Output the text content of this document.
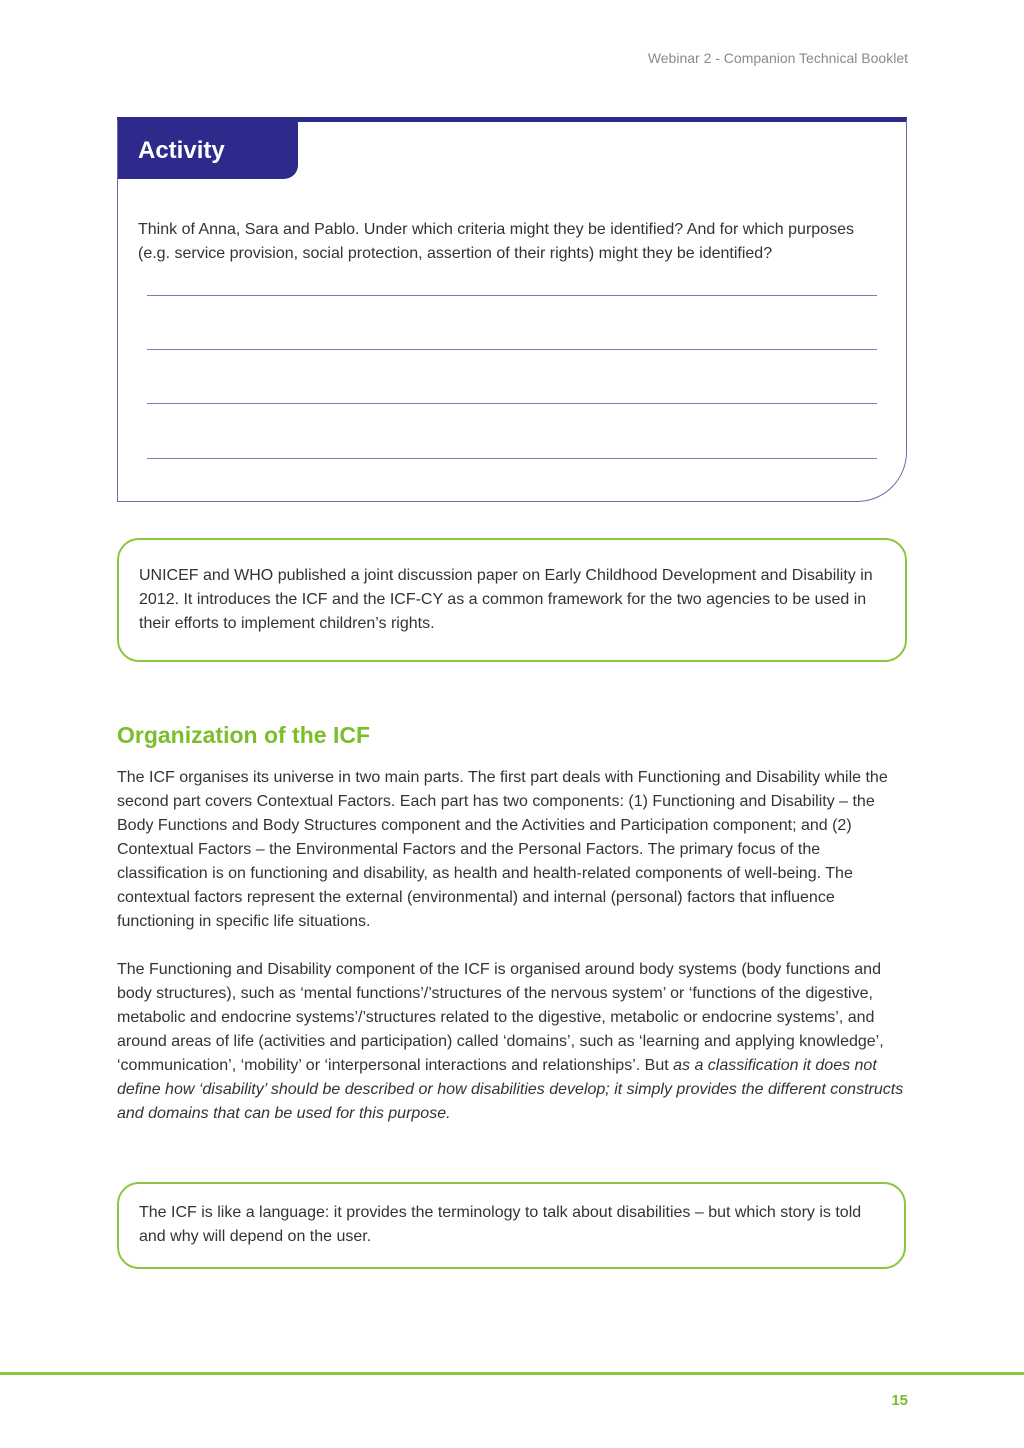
Webinar 2 - Companion Technical Booklet
Activity
Think of Anna, Sara and Pablo. Under which criteria might they be identified? And for which purposes (e.g. service provision, social protection, assertion of their rights) might they be identified?
UNICEF and WHO published a joint discussion paper on Early Childhood Development and Disability in 2012. It introduces the ICF and the ICF-CY as a common framework for the two agencies to be used in their efforts to implement children’s rights.
Organization of the ICF
The ICF organises its universe in two main parts. The first part deals with Functioning and Disability while the second part covers Contextual Factors. Each part has two components: (1) Functioning and Disability – the Body Functions and Body Structures component and the Activities and Participation component; and (2) Contextual Factors – the Environmental Factors and the Personal Factors. The primary focus of the classification is on functioning and disability, as health and health-related components of well-being. The contextual factors represent the external (environmental) and internal (personal) factors that influence functioning in specific life situations.
The Functioning and Disability component of the ICF is organised around body systems (body functions and body structures), such as ‘mental functions’/’structures of the nervous system’ or ‘functions of the digestive, metabolic and endocrine systems’/’structures related to the digestive, metabolic or endocrine systems’, and around areas of life (activities and participation) called ‘domains’, such as ‘learning and applying knowledge’, ‘communication’, ‘mobility’ or ‘interpersonal interactions and relationships’. But as a classification it does not define how ‘disability’ should be described or how disabilities develop; it simply provides the different constructs and domains that can be used for this purpose.
The ICF is like a language: it provides the terminology to talk about disabilities – but which story is told and why will depend on the user.
15
